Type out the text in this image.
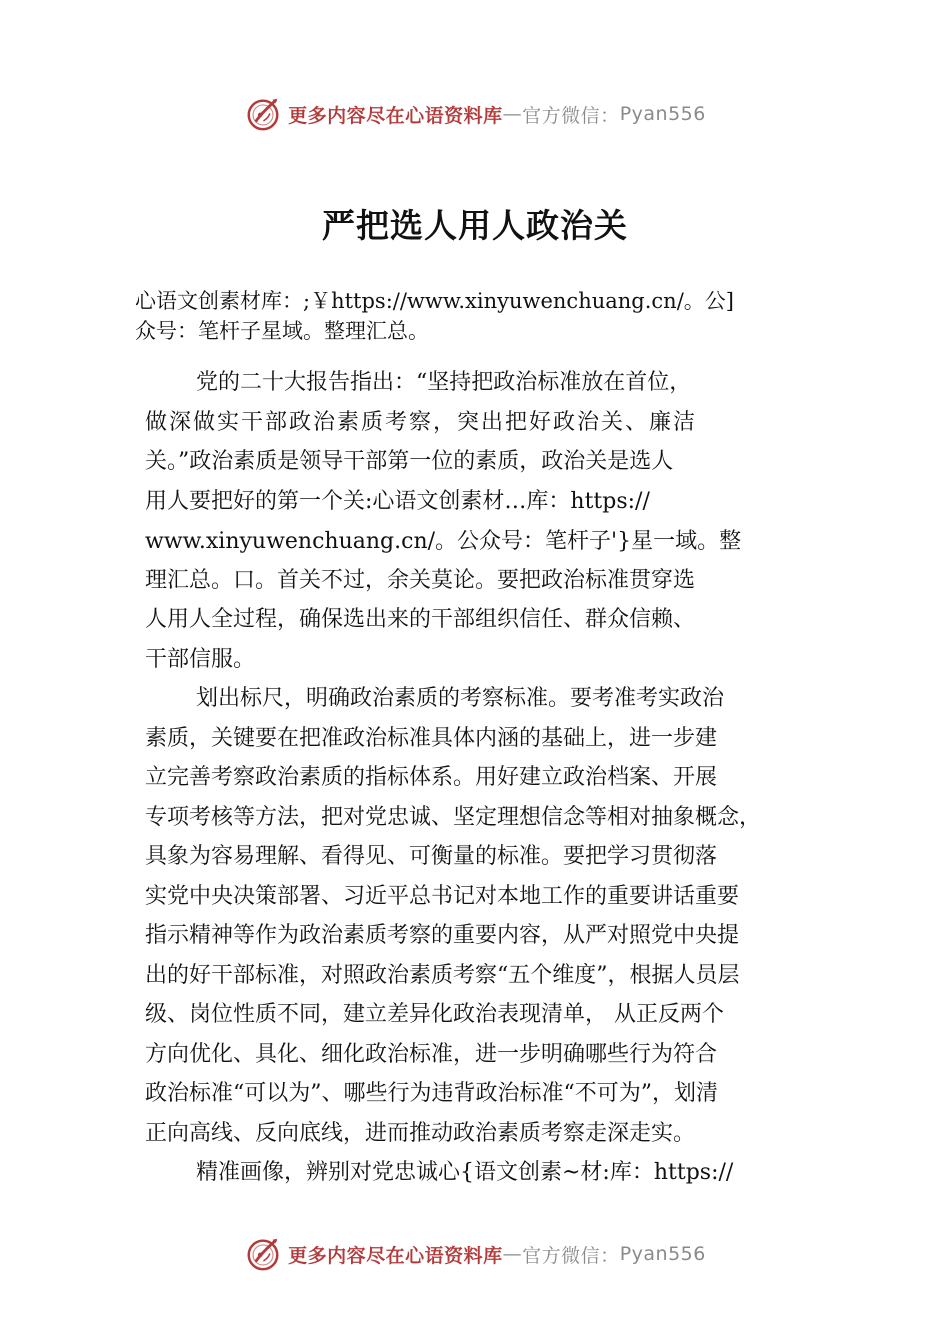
更多内容尽在心语资料库 — 官方微信： Pyan556
严把选人用人政治关

心语文创素材库：;￥https://www.xinyuwenchuang.cn/。公]

众号：笔杆子星域。整理汇总。

党的二十大报告指出：“坚持把政治标准放在首位，

做深做实干部政治素质考察，突出把好政治关、廉洁

关。”政治素质是领导干部第一位的素质，政治关是选人

用人要把好的第一个关:心语文创素材…库：https://

www.xinyuwenchuang.cn/。公众号：笔杆子'}星一域。整

理汇总。口。首关不过，余关莫论。要把政治标准贯穿选

人用人全过程，确保选出来的干部组织信任、群众信赖、

干部信服。

划出标尺，明确政治素质的考察标准。要考准考实政治

素质，关键要在把准政治标准具体内涵的基础上，进一步建

立完善考察政治素质的指标体系。用好建立政治档案、开展

专项考核等方法，把对党忠诚、坚定理想信念等相对抽象概念，

具象为容易理解、看得见、可衡量的标准。要把学习贯彻落

实党中央决策部署、习近平总书记对本地工作的重要讲话重要

指示精神等作为政治素质考察的重要内容，从严对照党中央提

出的好干部标准，对照政治素质考察“五个维度”，根据人员层

级、岗位性质不同，建立差异化政治表现清单， 从正反两个

方向优化、具化、细化政治标准，进一步明确哪些行为符合

政治标准“可以为”、哪些行为违背政治标准“不可为”，划清

正向高线、反向底线，进而推动政治素质考察走深走实。

精准画像，辨别对党忠诚心{语文创素~材:库：https://

更多内容尽在心语资料库 — 官方微信： Pyan556
